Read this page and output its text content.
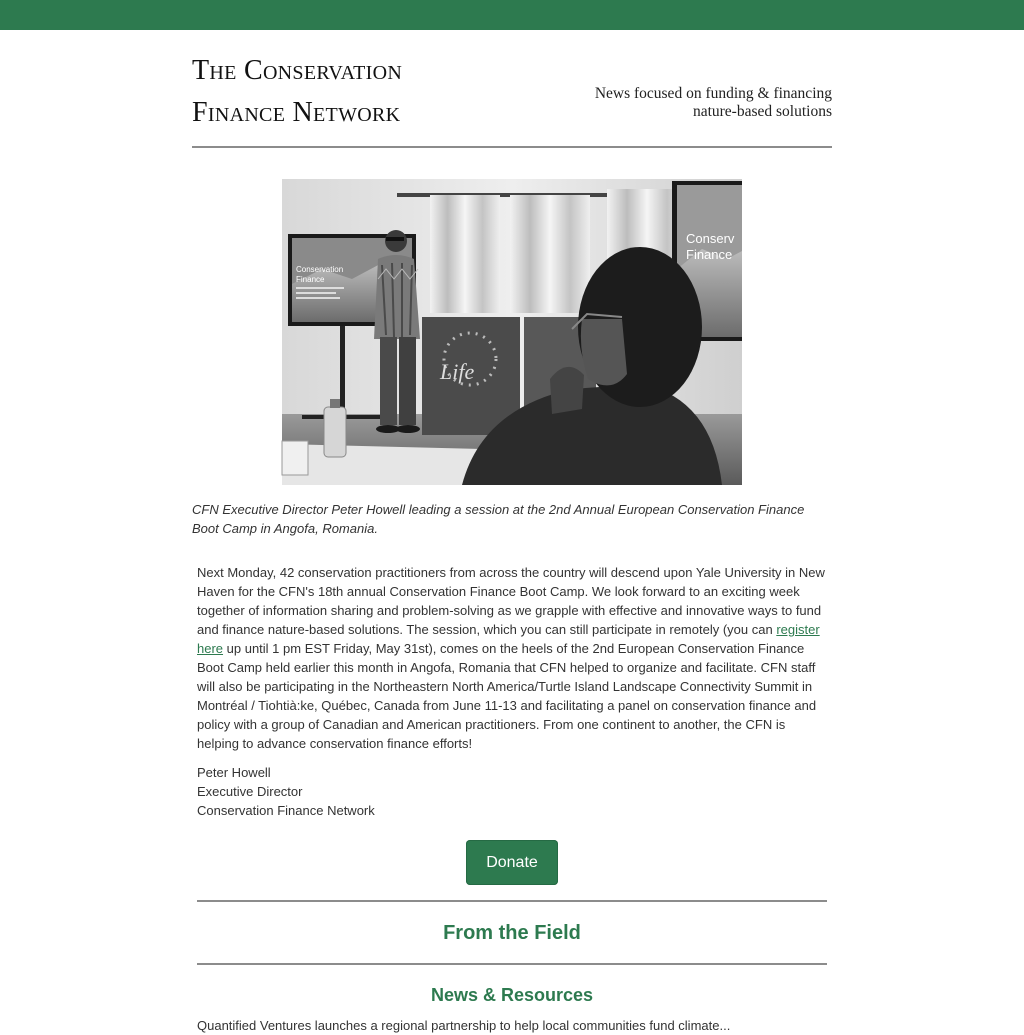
The Conservation
Finance Network
News focused on funding & financing
nature-based solutions
Conservation
Finance
Life
Conserv
Finance
CFN Executive Director Peter Howell leading a session at the 2nd Annual European Conservation Finance Boot Camp in Angofa, Romania.

Next Monday, 42 conservation practitioners from across the country will descend upon Yale University in New Haven for the CFN's 18th annual Conservation Finance Boot Camp. We look forward to an exciting week together of information sharing and problem-solving as we grapple with effective and innovative ways to fund and finance nature-based solutions. The session, which you can still participate in remotely (you can register here up until 1 pm EST Friday, May 31st), comes on the heels of the 2nd European Conservation Finance Boot Camp held earlier this month in Angofa, Romania that CFN helped to organize and facilitate. CFN staff will also be participating in the Northeastern North America/Turtle Island Landscape Connectivity Summit in Montréal / Tiohtià:ke, Québec, Canada from June 11-13 and facilitating a panel on conservation finance and policy with a group of Canadian and American practitioners. From one continent to another, the CFN is helping to advance conservation finance efforts!

Peter Howell
Executive Director
Conservation Finance Network
Donate
From the Field
News & Resources
Quantified Ventures launches a regional partnership to help local communities fund climate...
